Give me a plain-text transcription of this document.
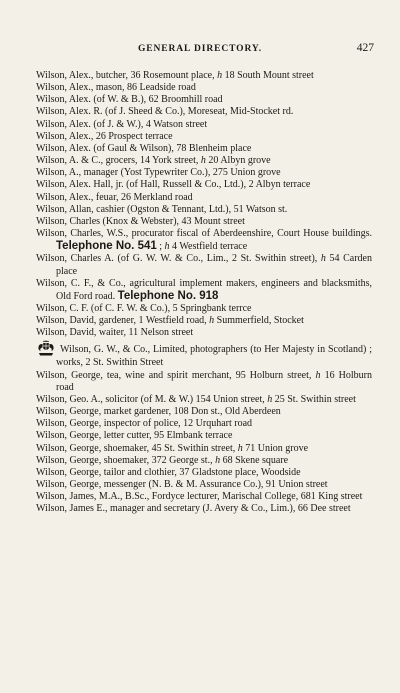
GENERAL DIRECTORY.	427

Wilson, Alex., butcher, 36 Rosemount place, h 18 South Mount street

Wilson, Alex., mason, 86 Leadside road

Wilson, Alex. (of W. & B.), 62 Broomhill road

Wilson, Alex. R. (of J. Sheed & Co.), Moreseat, Mid-Stocket rd.

Wilson, Alex. (of J. & W.), 4 Watson street

Wilson, Alex., 26 Prospect terrace

Wilson, Alex. (of Gaul & Wilson), 78 Blenheim place

Wilson, A. & C., grocers, 14 York street, h 20 Albyn grove

Wilson, A., manager (Yost Typewriter Co.), 275 Union grove

Wilson, Alex. Hall, jr. (of Hall, Russell & Co., Ltd.), 2 Albyn terrace

Wilson, Alex., feuar, 26 Merkland road

Wilson, Allan, cashier (Ogston & Tennant, Ltd.), 51 Watson st.

Wilson, Charles (Knox & Webster), 43 Mount street

Wilson, Charles, W.S., procurator fiscal of Aberdeenshire, Court House buildings. Telephone No. 541 ; h 4 Westfield terrace

Wilson, Charles A. (of G. W. W. & Co., Lim., 2 St. Swithin street), h 54 Carden place

Wilson, C. F., & Co., agricultural implement makers, engineers and blacksmiths, Old Ford road. Telephone No. 918

Wilson, C. F. (of C. F. W. & Co.), 5 Springbank terrce

Wilson, David, gardener, 1 Westfield road, h Summerfield, Stocket

Wilson, David, waiter, 11 Nelson street

Wilson, G. W., & Co., Limited, photographers (to Her Majesty in Scotland) ; works, 2 St. Swithin Street

Wilson, George, tea, wine and spirit merchant, 95 Holburn street, h 16 Holburn road

Wilson, Geo. A., solicitor (of M. & W.) 154 Union street, h 25 St. Swithin street

Wilson, George, market gardener, 108 Don st., Old Aberdeen

Wilson, George, inspector of police, 12 Urquhart road

Wilson, George, letter cutter, 95 Elmbank terrace

Wilson, George, shoemaker, 45 St. Swithin street, h 71 Union grove

Wilson, George, shoemaker, 372 George st., h 68 Skene square

Wilson, George, tailor and clothier, 37 Gladstone place, Woodside

Wilson, George, messenger (N. B. & M. Assurance Co.), 91 Union street

Wilson, James, M.A., B.Sc., Fordyce lecturer, Marischal College, 681 King street

Wilson, James E., manager and secretary (J. Avery & Co., Lim.), 66 Dee street
